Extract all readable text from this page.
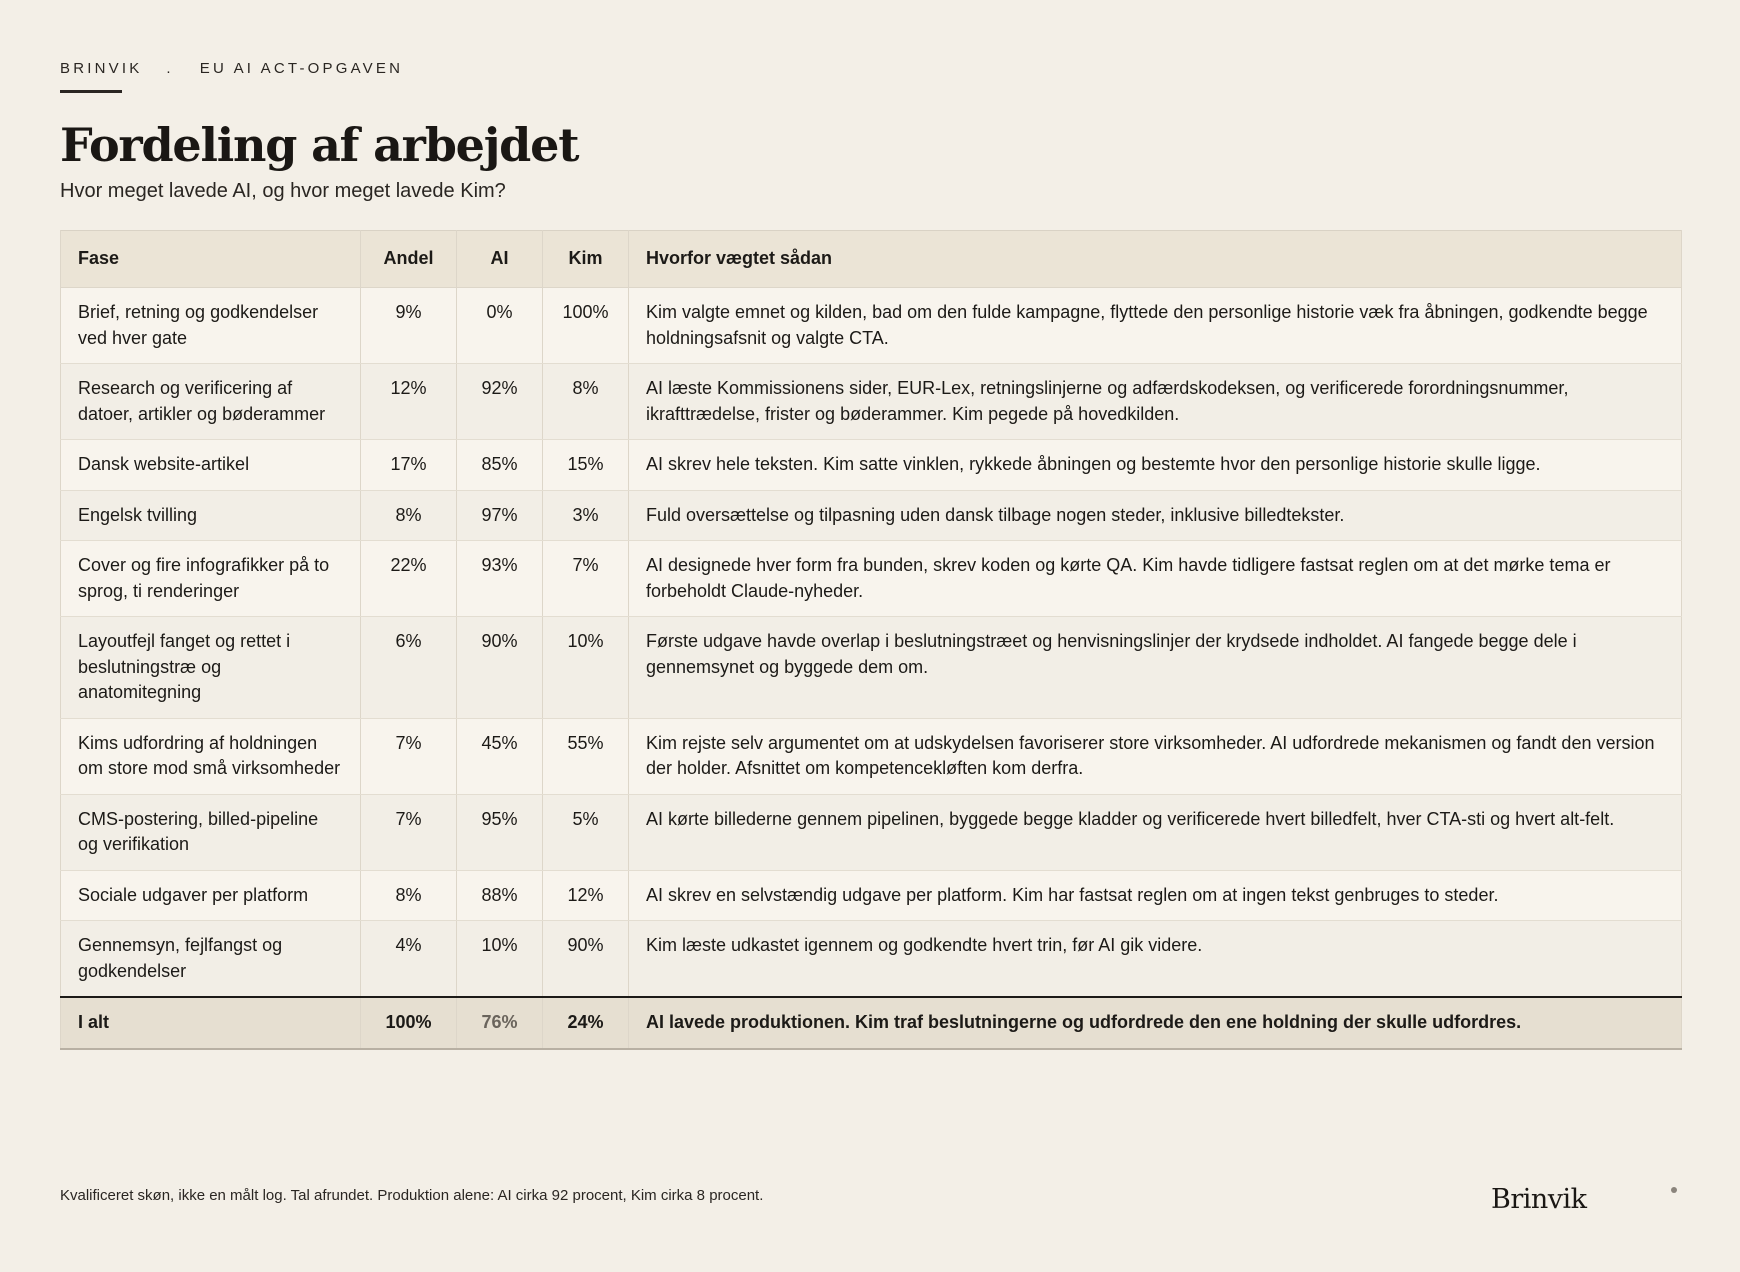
BRINVIK . EU AI ACT-OPGAVEN
Fordeling af arbejdet
Hvor meget lavede AI, og hvor meget lavede Kim?
Fase	Andel	AI	Kim	Hvorfor vægtet sådan
Brief, retning og godkendelser ved hver gate	9%	0%	100%	Kim valgte emnet og kilden, bad om den fulde kampagne, flyttede den personlige historie væk fra åbningen, godkendte begge holdningsafsnit og valgte CTA.
Research og verificering af datoer, artikler og bøderammer	12%	92%	8%	AI læste Kommissionens sider, EUR-Lex, retningslinjerne og adfærdskodeksen, og verificerede forordningsnummer, ikrafttrædelse, frister og bøderammer. Kim pegede på hovedkilden.
Dansk website-artikel	17%	85%	15%	AI skrev hele teksten. Kim satte vinklen, rykkede åbningen og bestemte hvor den personlige historie skulle ligge.
Engelsk tvilling	8%	97%	3%	Fuld oversættelse og tilpasning uden dansk tilbage nogen steder, inklusive billedtekster.
Cover og fire infografikker på to sprog, ti renderinger	22%	93%	7%	AI designede hver form fra bunden, skrev koden og kørte QA. Kim havde tidligere fastsat reglen om at det mørke tema er forbeholdt Claude-nyheder.
Layoutfejl fanget og rettet i beslutningstræ og anatomitegning	6%	90%	10%	Første udgave havde overlap i beslutningstræet og henvisningslinjer der krydsede indholdet. AI fangede begge dele i gennemsynet og byggede dem om.
Kims udfordring af holdningen om store mod små virksomheder	7%	45%	55%	Kim rejste selv argumentet om at udskydelsen favoriserer store virksomheder. AI udfordrede mekanismen og fandt den version der holder. Afsnittet om kompetencekløften kom derfra.
CMS-postering, billed-pipeline og verifikation	7%	95%	5%	AI kørte billederne gennem pipelinen, byggede begge kladder og verificerede hvert billedfelt, hver CTA-sti og hvert alt-felt.
Sociale udgaver per platform	8%	88%	12%	AI skrev en selvstændig udgave per platform. Kim har fastsat reglen om at ingen tekst genbruges to steder.
Gennemsyn, fejlfangst og godkendelser	4%	10%	90%	Kim læste udkastet igennem og godkendte hvert trin, før AI gik videre.
I alt	100%	76%	24%	AI lavede produktionen. Kim traf beslutningerne og udfordrede den ene holdning der skulle udfordres.
Kvalificeret skøn, ikke en målt log. Tal afrundet. Produktion alene: AI cirka 92 procent, Kim cirka 8 procent.	Brinvik
